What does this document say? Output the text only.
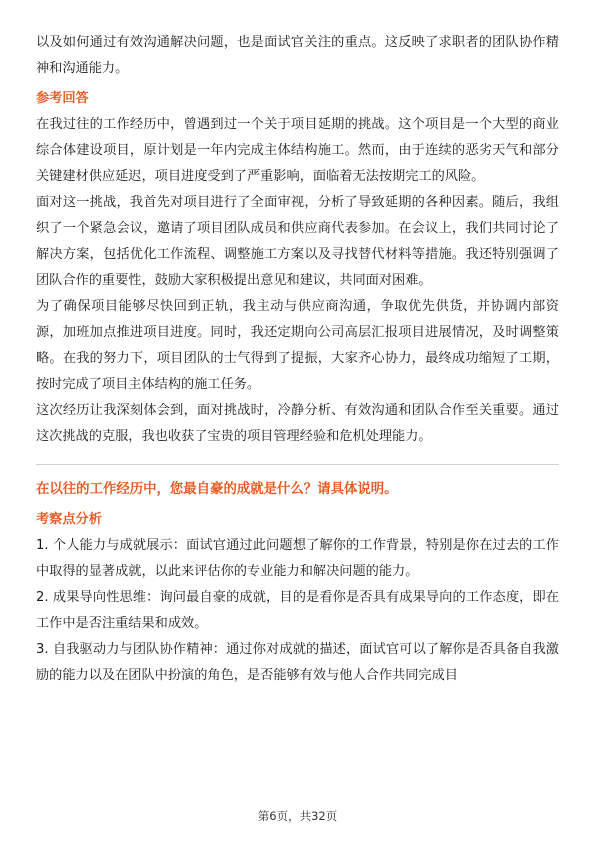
以及如何通过有效沟通解决问题，也是面试官关注的重点。这反映了求职者的团队协作精神和沟通能力。

参考回答

在我过往的工作经历中，曾遇到过一个关于项目延期的挑战。这个项目是一个大型的商业综合体建设项目，原计划是一年内完成主体结构施工。然而，由于连续的恶劣天气和部分关键建材供应延迟，项目进度受到了严重影响，面临着无法按期完工的风险。

面对这一挑战，我首先对项目进行了全面审视，分析了导致延期的各种因素。随后，我组织了一个紧急会议，邀请了项目团队成员和供应商代表参加。在会议上，我们共同讨论了解决方案，包括优化工作流程、调整施工方案以及寻找替代材料等措施。我还特别强调了团队合作的重要性，鼓励大家积极提出意见和建议，共同面对困难。

为了确保项目能够尽快回到正轨，我主动与供应商沟通，争取优先供货，并协调内部资源，加班加点推进项目进度。同时，我还定期向公司高层汇报项目进展情况，及时调整策略。在我的努力下，项目团队的士气得到了提振，大家齐心协力，最终成功缩短了工期，按时完成了项目主体结构的施工任务。

这次经历让我深刻体会到，面对挑战时，冷静分析、有效沟通和团队合作至关重要。通过这次挑战的克服，我也收获了宝贵的项目管理经验和危机处理能力。

在以往的工作经历中，您最自豪的成就是什么？请具体说明。
考察点分析

1. 个人能力与成就展示：面试官通过此问题想了解你的工作背景，特别是你在过去的工作中取得的显著成就，以此来评估你的专业能力和解决问题的能力。

2. 成果导向性思维：询问最自豪的成就，目的是看你是否具有成果导向的工作态度，即在工作中是否注重结果和成效。

3. 自我驱动力与团队协作精神：通过你对成就的描述，面试官可以了解你是否具备自我激励的能力以及在团队中扮演的角色，是否能够有效与他人合作共同完成目

第6页，共32页
